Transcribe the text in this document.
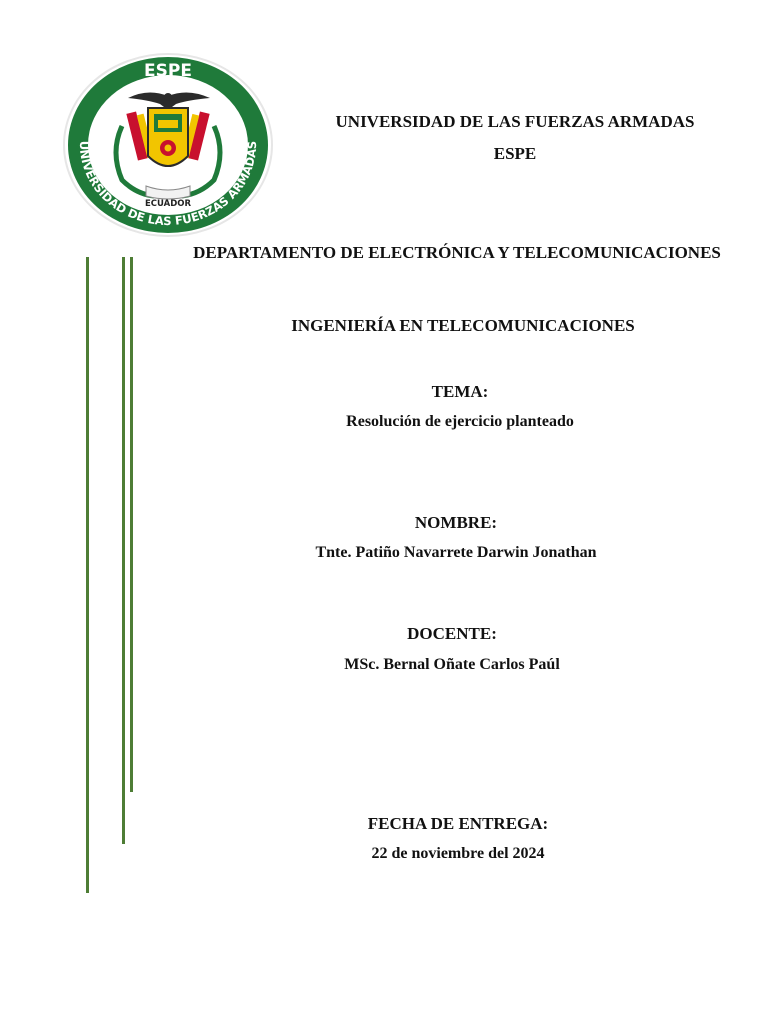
ESPE
UNIVERSIDAD DE LAS FUERZAS ARMADAS
ECUADOR
UNIVERSIDAD DE LAS FUERZAS ARMADAS
ESPE
DEPARTAMENTO DE ELECTRÓNICA Y TELECOMUNICACIONES
INGENIERÍA EN TELECOMUNICACIONES
TEMA:
Resolución de ejercicio planteado
NOMBRE:
Tnte. Patiño Navarrete Darwin Jonathan
DOCENTE:
MSc. Bernal Oñate Carlos Paúl
FECHA DE ENTREGA:
22 de noviembre del 2024
